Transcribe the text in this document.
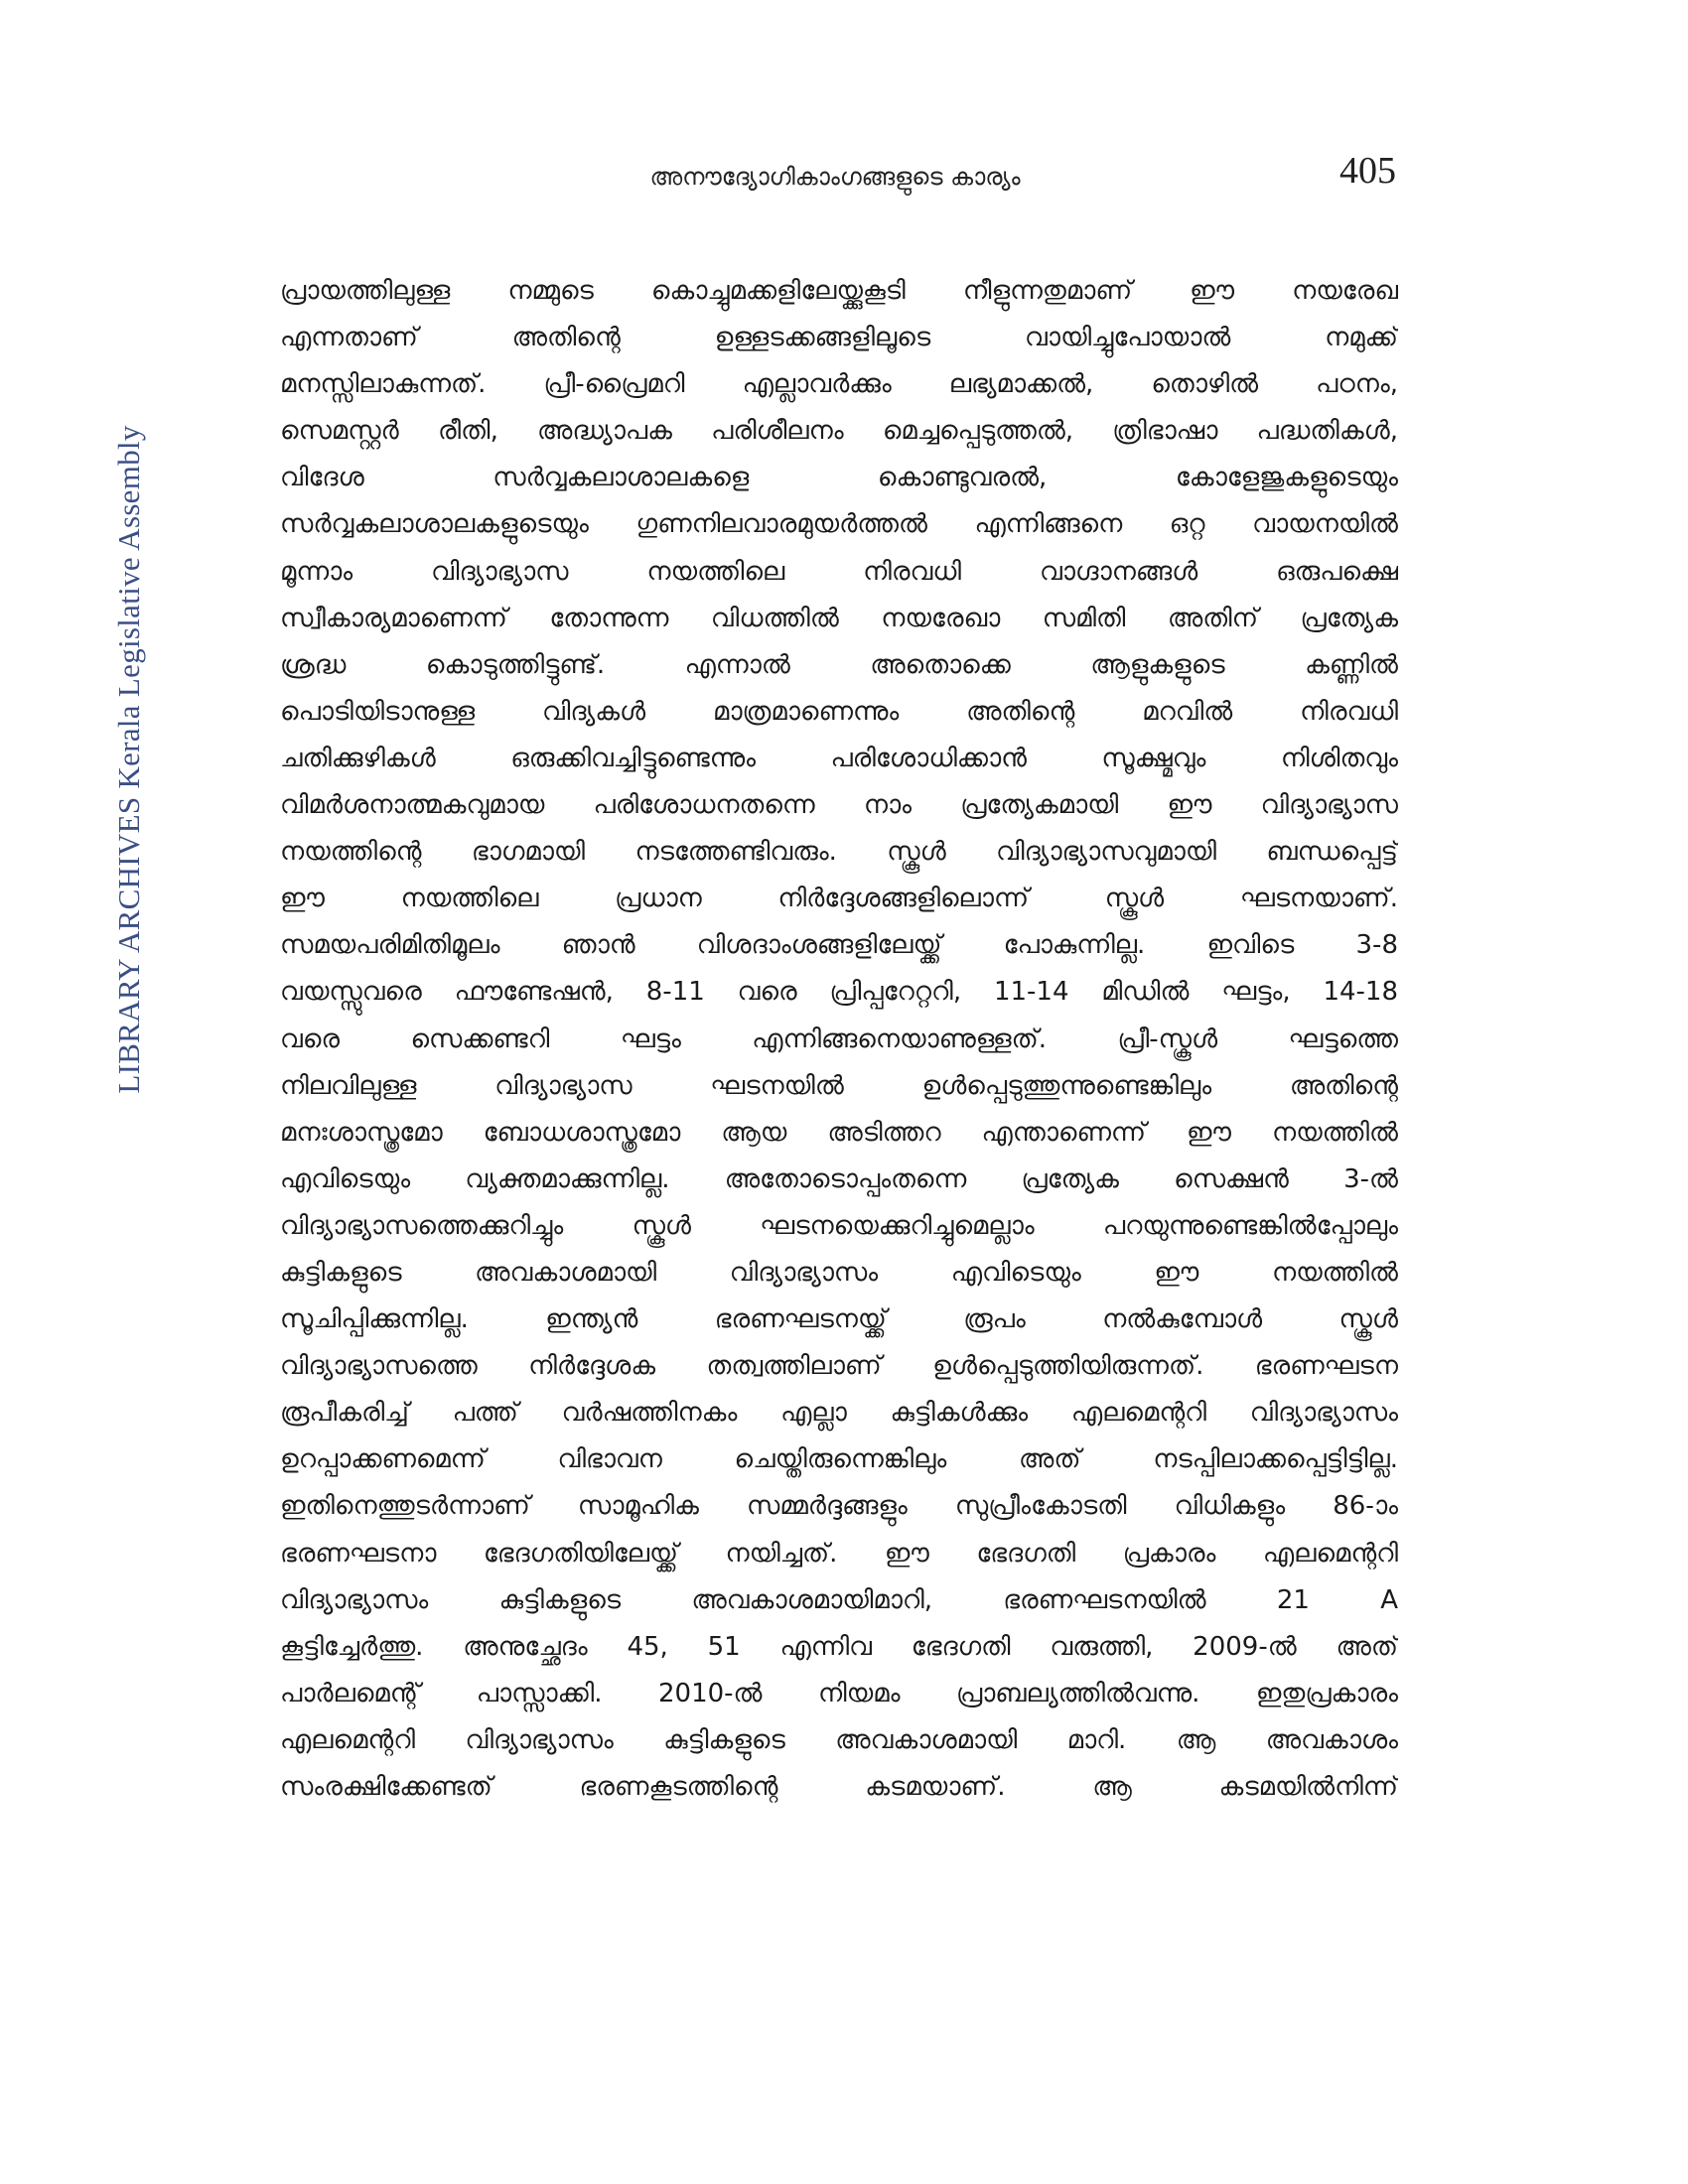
അനൗദ്യോഗികാംഗങ്ങളുടെ കാര്യം	405
LIBRARY ARCHIVES Kerala Legislative Assembly
പ്രായത്തിലുള്ള നമ്മുടെ കൊച്ചുമക്കളിലേയ്ക്കുകൂടി നീളുന്നതുമാണ് ഈ നയരേഖ
എന്നതാണ് അതിന്റെ ഉള്ളടക്കങ്ങളിലൂടെ വായിച്ചുപോയാൽ നമുക്ക്
മനസ്സിലാകുന്നത്. പ്രീ-പ്രൈമറി എല്ലാവർക്കും ലഭ്യമാക്കൽ, തൊഴിൽ പഠനം,
സെമസ്റ്റർ രീതി, അദ്ധ്യാപക പരിശീലനം മെച്ചപ്പെടുത്തൽ, ത്രിഭാഷാ പദ്ധതികൾ,
വിദേശ സർവ്വകലാശാലകളെ കൊണ്ടുവരൽ, കോളേജുകളുടെയും
സർവ്വകലാശാലകളുടെയും ഗുണനിലവാരമുയർത്തൽ എന്നിങ്ങനെ ഒറ്റ വായനയിൽ
മൂന്നാം വിദ്യാഭ്യാസ നയത്തിലെ നിരവധി വാഗ്ദാനങ്ങൾ ഒരുപക്ഷെ
സ്വീകാര്യമാണെന്ന് തോന്നുന്ന വിധത്തിൽ നയരേഖാ സമിതി അതിന് പ്രത്യേക
ശ്രദ്ധ കൊടുത്തിട്ടുണ്ട്. എന്നാൽ അതൊക്കെ ആളുകളുടെ കണ്ണിൽ
പൊടിയിടാനുള്ള വിദ്യകൾ മാത്രമാണെന്നും അതിന്റെ മറവിൽ നിരവധി
ചതിക്കുഴികൾ ഒരുക്കിവച്ചിട്ടുണ്ടെന്നും പരിശോധിക്കാൻ സൂക്ഷ്മവും നിശിതവും
വിമർശനാത്മകവുമായ പരിശോധനതന്നെ നാം പ്രത്യേകമായി ഈ വിദ്യാഭ്യാസ
നയത്തിന്റെ ഭാഗമായി നടത്തേണ്ടിവരും. സ്കൂൾ വിദ്യാഭ്യാസവുമായി ബന്ധപ്പെട്ട്
ഈ നയത്തിലെ പ്രധാന നിർദ്ദേശങ്ങളിലൊന്ന് സ്കൂൾ ഘടനയാണ്.
സമയപരിമിതിമൂലം ഞാൻ വിശദാംശങ്ങളിലേയ്ക്ക് പോകുന്നില്ല. ഇവിടെ 3-8
വയസ്സുവരെ ഫൗണ്ടേഷൻ, 8-11 വരെ പ്രിപ്പറേറ്ററി, 11-14 മിഡിൽ ഘട്ടം, 14-18
വരെ സെക്കണ്ടറി ഘട്ടം എന്നിങ്ങനെയാണുള്ളത്. പ്രീ-സ്കൂൾ ഘട്ടത്തെ
നിലവിലുള്ള വിദ്യാഭ്യാസ ഘടനയിൽ ഉൾപ്പെടുത്തുന്നുണ്ടെങ്കിലും അതിന്റെ
മനഃശാസ്ത്രമോ ബോധശാസ്ത്രമോ ആയ അടിത്തറ എന്താണെന്ന് ഈ നയത്തിൽ
എവിടെയും വ്യക്തമാക്കുന്നില്ല. അതോടൊപ്പംതന്നെ പ്രത്യേക സെക്ഷൻ 3-ൽ
വിദ്യാഭ്യാസത്തെക്കുറിച്ചും സ്കൂൾ ഘടനയെക്കുറിച്ചുമെല്ലാം പറയുന്നുണ്ടെങ്കിൽപ്പോലും
കുട്ടികളുടെ അവകാശമായി വിദ്യാഭ്യാസം എവിടെയും ഈ നയത്തിൽ
സൂചിപ്പിക്കുന്നില്ല. ഇന്ത്യൻ ഭരണഘടനയ്ക്ക് രൂപം നൽകുമ്പോൾ സ്കൂൾ
വിദ്യാഭ്യാസത്തെ നിർദ്ദേശക തത്വത്തിലാണ് ഉൾപ്പെടുത്തിയിരുന്നത്. ഭരണഘടന
രൂപീകരിച്ച് പത്ത് വർഷത്തിനകം എല്ലാ കുട്ടികൾക്കും എലമെന്ററി വിദ്യാഭ്യാസം
ഉറപ്പാക്കണമെന്ന് വിഭാവന ചെയ്തിരുന്നെങ്കിലും അത് നടപ്പിലാക്കപ്പെട്ടിട്ടില്ല.
ഇതിനെത്തുടർന്നാണ് സാമൂഹിക സമ്മർദ്ദങ്ങളും സുപ്രീംകോടതി വിധികളും 86-ാം
ഭരണഘടനാ ഭേദഗതിയിലേയ്ക്ക് നയിച്ചത്. ഈ ഭേദഗതി പ്രകാരം എലമെന്ററി
വിദ്യാഭ്യാസം കുട്ടികളുടെ അവകാശമായിമാറി, ഭരണഘടനയിൽ 21 A
കൂട്ടിച്ചേർത്തു. അനുച്ഛേദം 45, 51 എന്നിവ ഭേദഗതി വരുത്തി, 2009-ൽ അത്
പാർലമെന്റ് പാസ്സാക്കി. 2010-ൽ നിയമം പ്രാബല്യത്തിൽവന്നു. ഇതുപ്രകാരം
എലമെന്ററി വിദ്യാഭ്യാസം കുട്ടികളുടെ അവകാശമായി മാറി. ആ അവകാശം
സംരക്ഷിക്കേണ്ടത് ഭരണകൂടത്തിന്റെ കടമയാണ്. ആ കടമയിൽനിന്ന്
